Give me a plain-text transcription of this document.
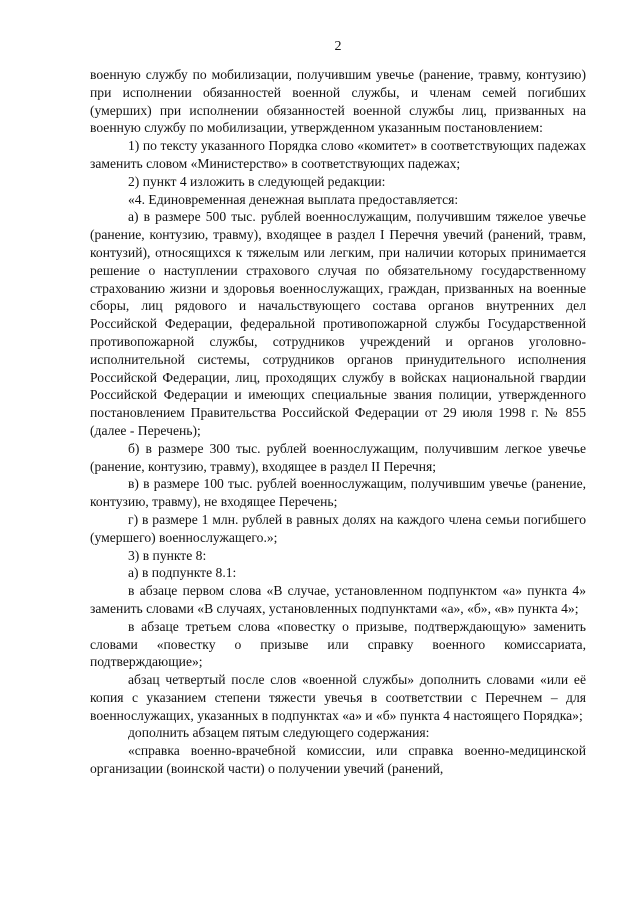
2

военную службу по мобилизации, получившим увечье (ранение, травму, контузию) при исполнении обязанностей военной службы, и членам семей погибших (умерших) при исполнении обязанностей военной службы лиц, призванных на военную службу по мобилизации, утвержденном указанным постановлением:

1) по тексту указанного Порядка слово «комитет» в соответствующих падежах заменить словом «Министерство» в соответствующих падежах;

2) пункт 4 изложить в следующей редакции:

«4. Единовременная денежная выплата предоставляется:

а) в размере 500 тыс. рублей военнослужащим, получившим тяжелое увечье (ранение, контузию, травму), входящее в раздел I Перечня увечий (ранений, травм, контузий), относящихся к тяжелым или легким, при наличии которых принимается решение о наступлении страхового случая по обязательному государственному страхованию жизни и здоровья военнослужащих, граждан, призванных на военные сборы, лиц рядового и начальствующего состава органов внутренних дел Российской Федерации, федеральной противопожарной службы Государственной противопожарной службы, сотрудников учреждений и органов уголовно-исполнительной системы, сотрудников органов принудительного исполнения Российской Федерации, лиц, проходящих службу в войсках национальной гвардии Российской Федерации и имеющих специальные звания полиции, утвержденного постановлением Правительства Российской Федерации от 29 июля 1998 г. № 855 (далее - Перечень);

б) в размере 300 тыс. рублей военнослужащим, получившим легкое увечье (ранение, контузию, травму), входящее в раздел II Перечня;

в) в размере 100 тыс. рублей военнослужащим, получившим увечье (ранение, контузию, травму), не входящее Перечень;

г) в размере 1 млн. рублей в равных долях на каждого члена семьи погибшего (умершего) военнослужащего.»;

3) в пункте 8:

а) в подпункте 8.1:

в абзаце первом слова «В случае, установленном подпунктом «а» пункта 4» заменить словами «В случаях, установленных подпунктами «а», «б», «в» пункта 4»;

в абзаце третьем слова «повестку о призыве, подтверждающую» заменить словами «повестку о призыве или справку военного комиссариата, подтверждающие»;

абзац четвертый после слов «военной службы» дополнить словами «или её копия с указанием степени тяжести увечья в соответствии с Перечнем – для военнослужащих, указанных в подпунктах «а» и «б» пункта 4 настоящего Порядка»;

дополнить абзацем пятым следующего содержания:

«справка военно-врачебной комиссии, или справка военно-медицинской организации (воинской части) о получении увечий (ранений,
